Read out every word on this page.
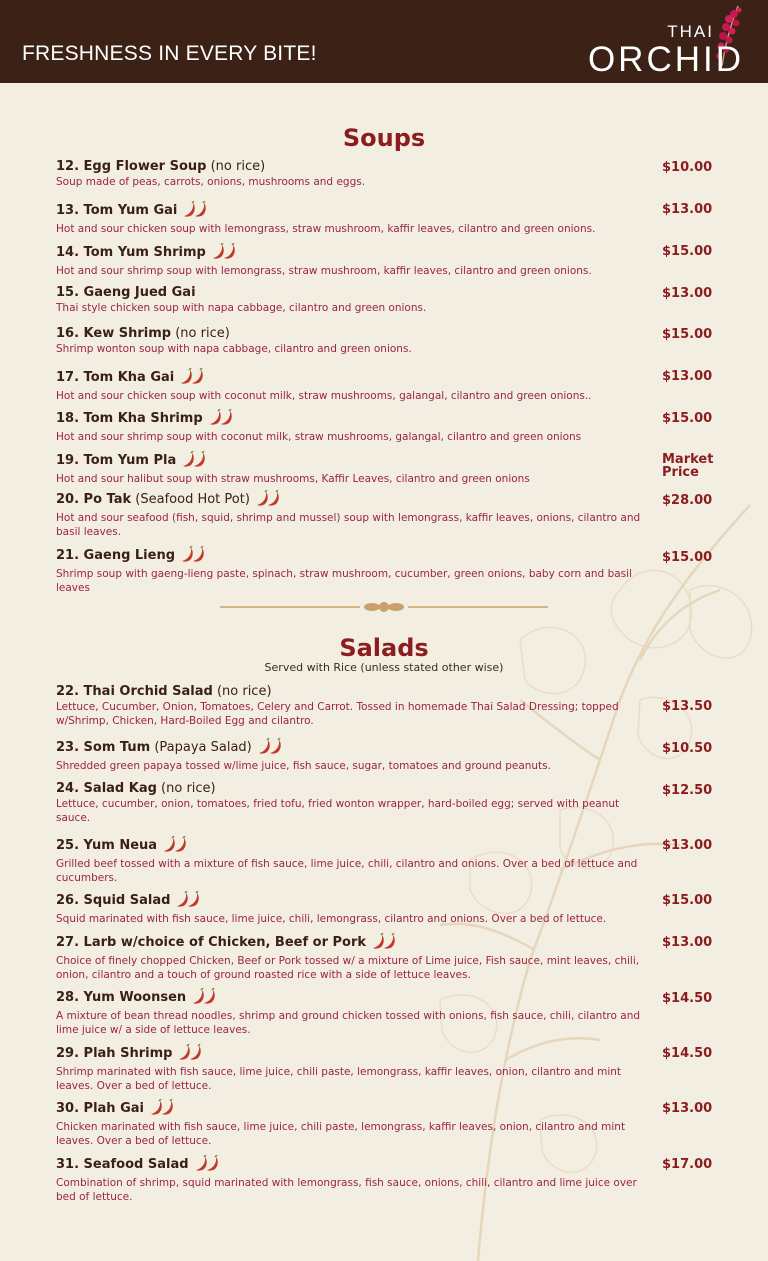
FRESHNESS IN EVERY BITE!
THAI
ORCHID
Soups
12. Egg Flower Soup (no rice)
Soup made of peas, carrots, onions, mushrooms and eggs.
$10.00
13. Tom Yum Gai
Hot and sour chicken soup with lemongrass, straw mushroom, kaffir leaves, cilantro and green onions.
$13.00
14. Tom Yum Shrimp
Hot and sour shrimp soup with lemongrass, straw mushroom, kaffir leaves, cilantro and green onions.
$15.00
15. Gaeng Jued Gai
Thai style chicken soup with napa cabbage, cilantro and green onions.
$13.00
16. Kew Shrimp (no rice)
Shrimp wonton soup with napa cabbage, cilantro and green onions.
$15.00
17. Tom Kha Gai
Hot and sour chicken soup with coconut milk, straw mushrooms, galangal, cilantro and green onions..
$13.00
18. Tom Kha Shrimp
Hot and sour shrimp soup with coconut milk, straw mushrooms, galangal, cilantro and green onions
$15.00
19. Tom Yum Pla
Hot and sour halibut soup with straw mushrooms, Kaffir Leaves, cilantro and green onions
Market
Price
20. Po Tak (Seafood Hot Pot)
Hot and sour seafood (fish, squid, shrimp and mussel) soup with lemongrass, kaffir leaves, onions, cilantro and basil leaves.
$28.00
21. Gaeng Lieng
Shrimp soup with gaeng-lieng paste, spinach, straw mushroom, cucumber, green onions, baby corn and basil leaves
$15.00
Salads
Served with Rice (unless stated other wise)
22. Thai Orchid Salad (no rice)
Lettuce, Cucumber, Onion, Tomatoes, Celery and Carrot. Tossed in homemade Thai Salad Dressing; topped w/Shrimp, Chicken, Hard-Boiled Egg and cilantro.
$13.50
23. Som Tum (Papaya Salad)
Shredded green papaya tossed w/lime juice, fish sauce, sugar, tomatoes and ground peanuts.
$10.50
24. Salad Kag (no rice)
Lettuce, cucumber, onion, tomatoes, fried tofu, fried wonton wrapper, hard-boiled egg; served with peanut sauce.
$12.50
25. Yum Neua
Grilled beef tossed with a mixture of fish sauce, lime juice, chili, cilantro and onions. Over a bed of lettuce and cucumbers.
$13.00
26. Squid Salad
Squid marinated with fish sauce, lime juice, chili, lemongrass, cilantro and onions. Over a bed of lettuce.
$15.00
27. Larb w/choice of Chicken, Beef or Pork
Choice of finely chopped Chicken, Beef or Pork tossed w/ a mixture of Lime juice, Fish sauce, mint leaves, chili, onion, cilantro and a touch of ground roasted rice with a side of lettuce leaves.
$13.00
28. Yum Woonsen
A mixture of bean thread noodles, shrimp and ground chicken tossed with onions, fish sauce, chili, cilantro and lime juice w/ a side of lettuce leaves.
$14.50
29. Plah Shrimp
Shrimp marinated with fish sauce, lime juice, chili paste, lemongrass, kaffir leaves, onion, cilantro and mint leaves. Over a bed of lettuce.
$14.50
30. Plah Gai
Chicken marinated with fish sauce, lime juice, chili paste, lemongrass, kaffir leaves, onion, cilantro and mint leaves. Over a bed of lettuce.
$13.00
31. Seafood Salad
Combination of shrimp, squid marinated with lemongrass, fish sauce, onions, chili, cilantro and lime juice over bed of lettuce.
$17.00
